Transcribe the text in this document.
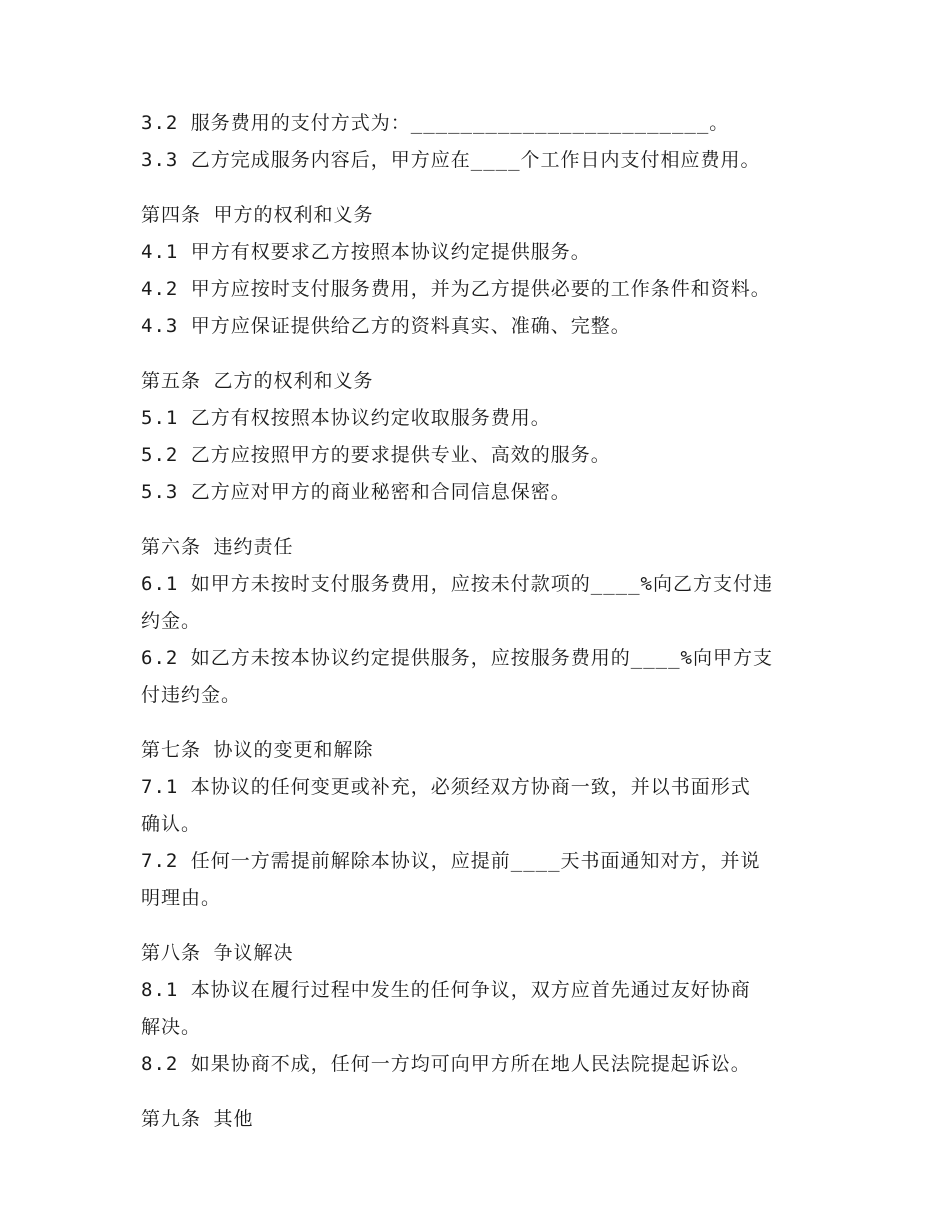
3.2 服务费用的支付方式为：________________________。
3.3 乙方完成服务内容后，甲方应在____个工作日内支付相应费用。
第四条 甲方的权利和义务
4.1 甲方有权要求乙方按照本协议约定提供服务。
4.2 甲方应按时支付服务费用，并为乙方提供必要的工作条件和资料。
4.3 甲方应保证提供给乙方的资料真实、准确、完整。
第五条 乙方的权利和义务
5.1 乙方有权按照本协议约定收取服务费用。
5.2 乙方应按照甲方的要求提供专业、高效的服务。
5.3 乙方应对甲方的商业秘密和合同信息保密。
第六条 违约责任
6.1 如甲方未按时支付服务费用，应按未付款项的____%向乙方支付违
约金。
6.2 如乙方未按本协议约定提供服务，应按服务费用的____%向甲方支
付违约金。
第七条 协议的变更和解除
7.1 本协议的任何变更或补充，必须经双方协商一致，并以书面形式
确认。
7.2 任何一方需提前解除本协议，应提前____天书面通知对方，并说
明理由。
第八条 争议解决
8.1 本协议在履行过程中发生的任何争议，双方应首先通过友好协商
解决。
8.2 如果协商不成，任何一方均可向甲方所在地人民法院提起诉讼。
第九条 其他
